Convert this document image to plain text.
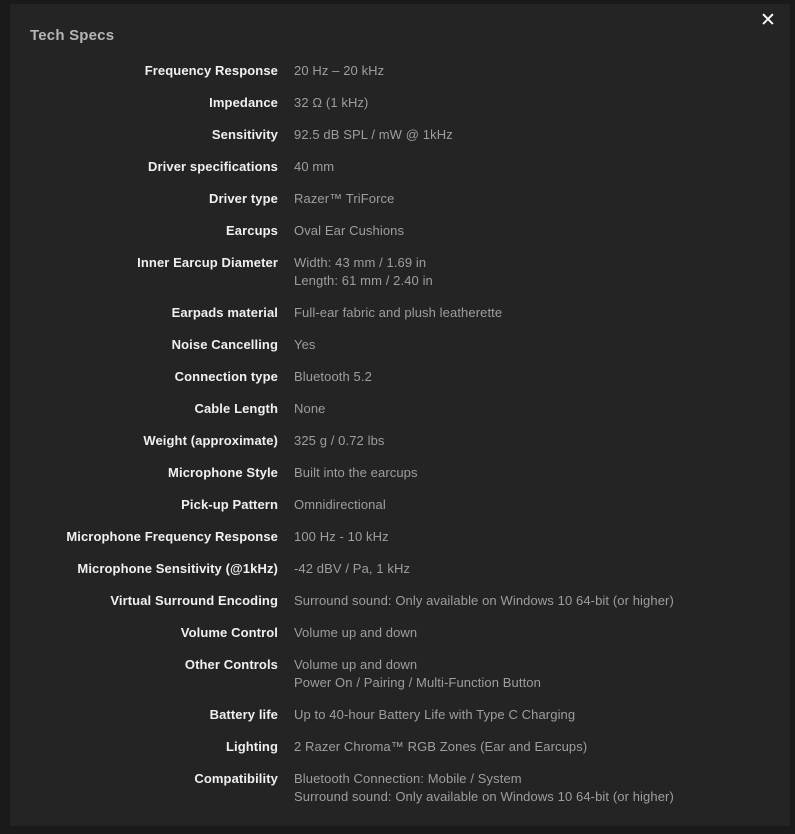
✕
Tech Specs
Frequency Response 20 Hz – 20 kHz
Impedance 32 Ω (1 kHz)
Sensitivity 92.5 dB SPL / mW @ 1kHz
Driver specifications 40 mm
Driver type Razer™ TriForce
Earcups Oval Ear Cushions
Inner Earcup Diameter Width: 43 mm / 1.69 in
Length: 61 mm / 2.40 in
Earpads material Full-ear fabric and plush leatherette
Noise Cancelling Yes
Connection type Bluetooth 5.2
Cable Length None
Weight (approximate) 325 g / 0.72 lbs
Microphone Style Built into the earcups
Pick-up Pattern Omnidirectional
Microphone Frequency Response 100 Hz - 10 kHz
Microphone Sensitivity (@1kHz) -42 dBV / Pa, 1 kHz
Virtual Surround Encoding Surround sound: Only available on Windows 10 64-bit (or higher)
Volume Control Volume up and down
Other Controls Volume up and down
Power On / Pairing / Multi-Function Button
Battery life Up to 40-hour Battery Life with Type C Charging
Lighting 2 Razer Chroma™ RGB Zones (Ear and Earcups)
Compatibility Bluetooth Connection: Mobile / System
Surround sound: Only available on Windows 10 64-bit (or higher)
